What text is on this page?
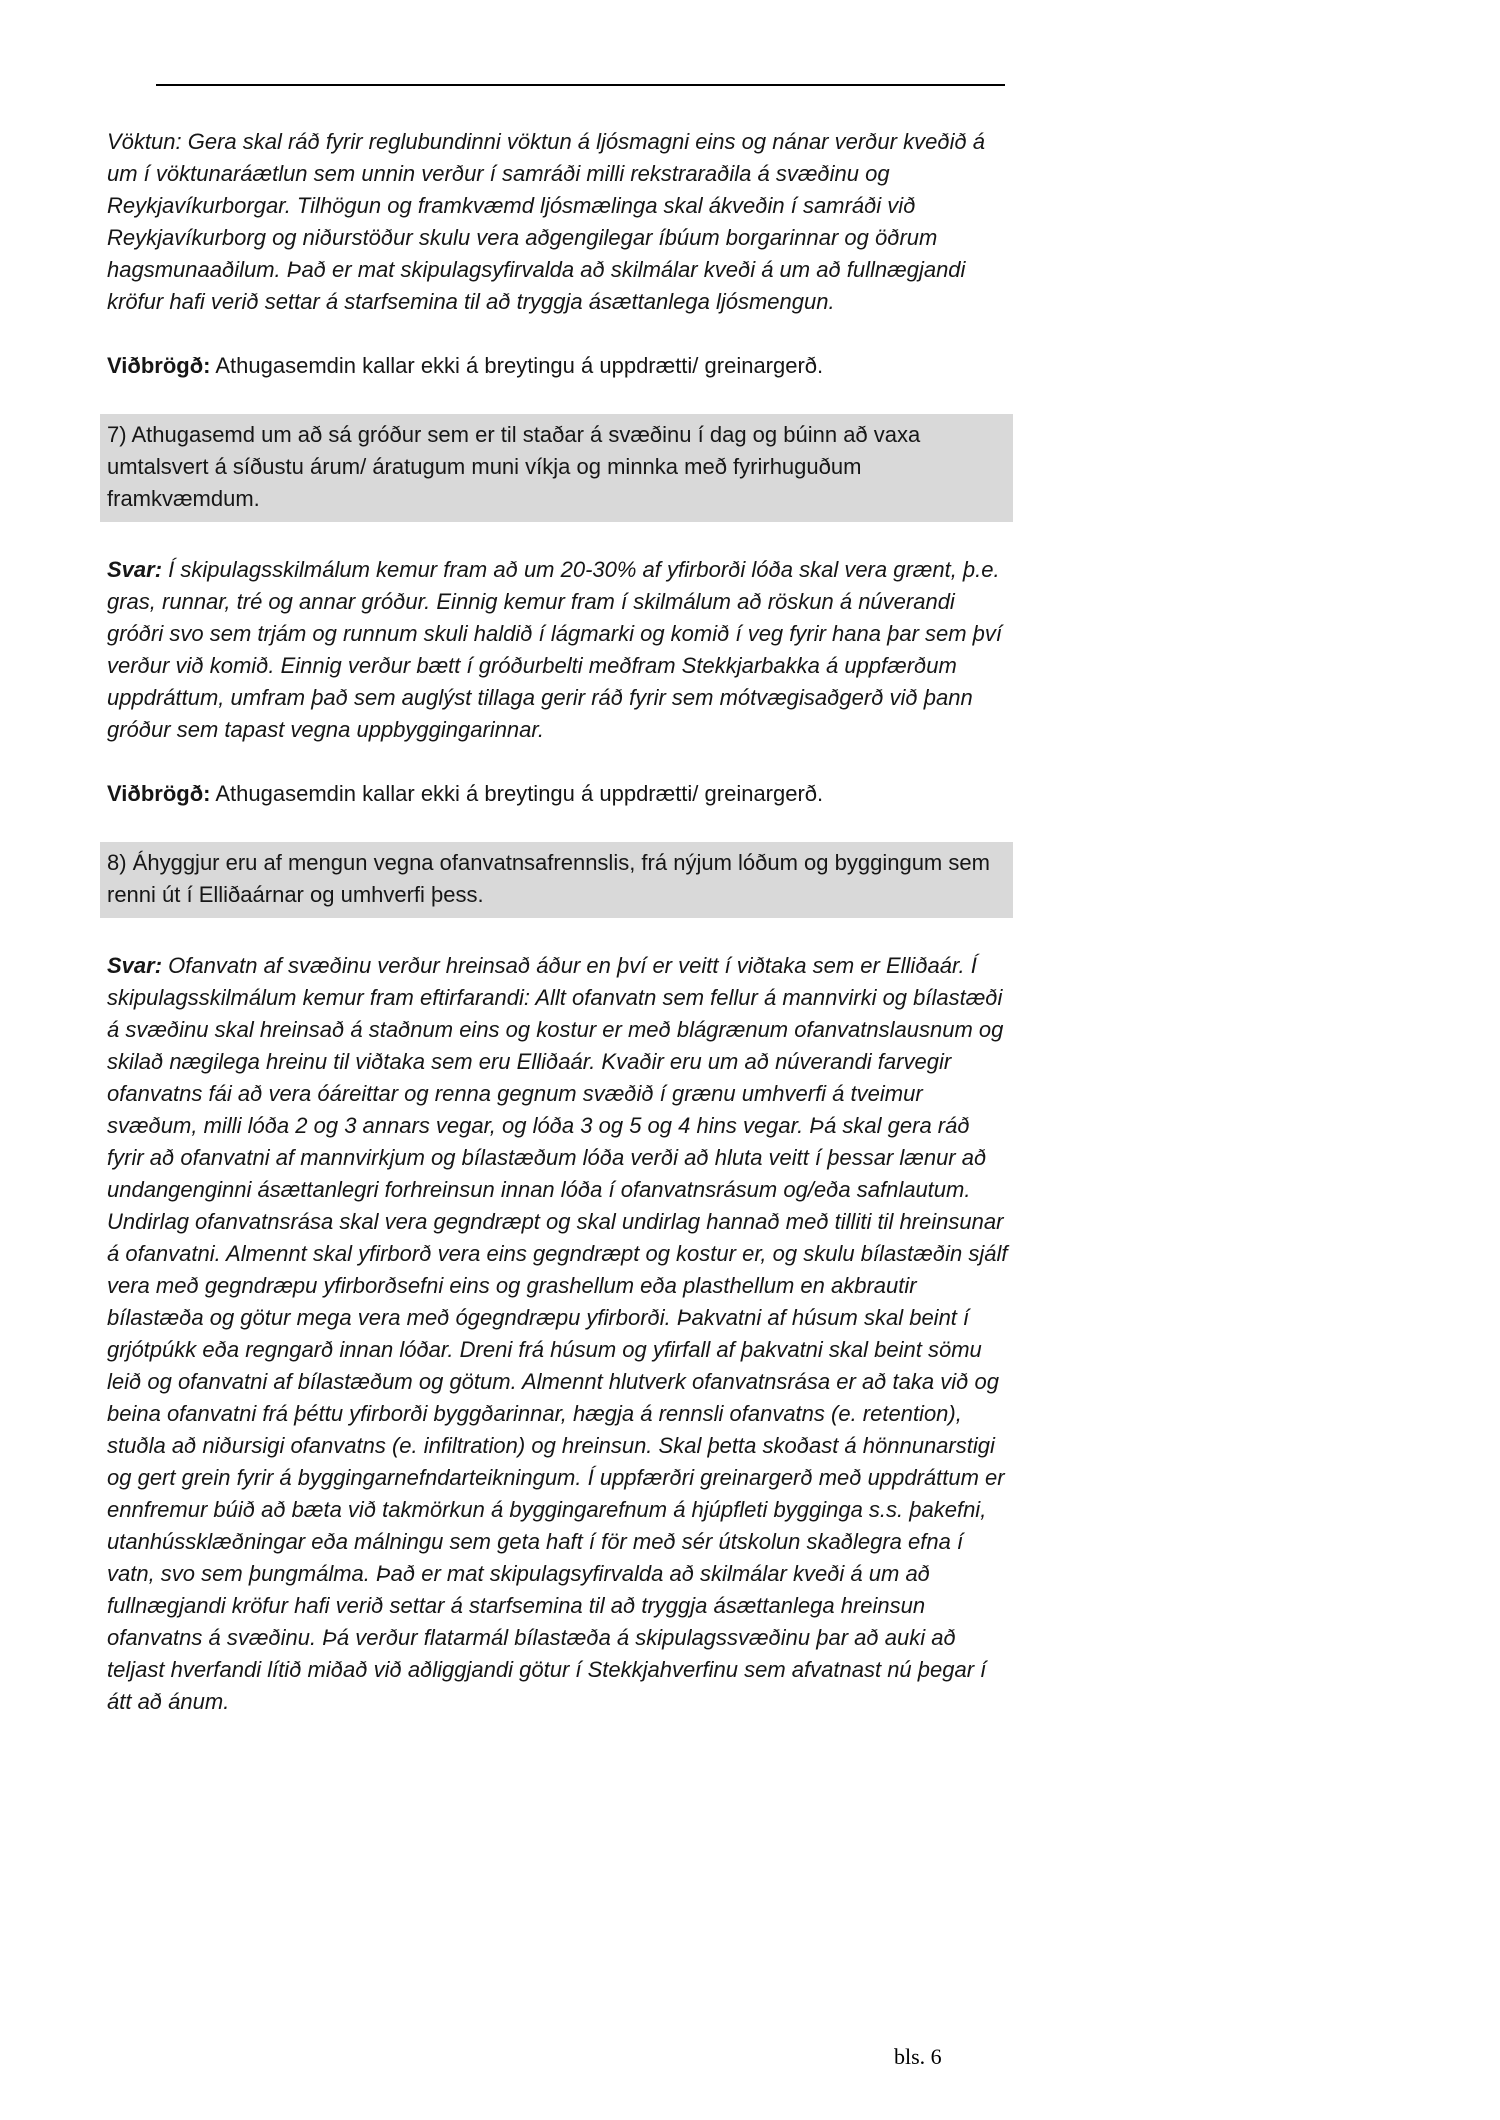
Vöktun: Gera skal ráð fyrir reglubundinni vöktun á ljósmagni eins og nánar verður kveðið á um í vöktunaráætlun sem unnin verður í samráði milli rekstraraðila á svæðinu og Reykjavíkurborgar. Tilhögun og framkvæmd ljósmælinga skal ákveðin í samráði við Reykjavíkurborg og niðurstöður skulu vera aðgengilegar íbúum borgarinnar og öðrum hagsmunaaðilum. Það er mat skipulagsyfirvalda að skilmálar kveði á um að fullnægjandi kröfur hafi verið settar á starfsemina til að tryggja ásættanlega ljósmengun.

Viðbrögð: Athugasemdin kallar ekki á breytingu á uppdrætti/ greinargerð.

7) Athugasemd um að sá gróður sem er til staðar á svæðinu í dag og búinn að vaxa umtalsvert á síðustu árum/ áratugum muni víkja og minnka með fyrirhuguðum framkvæmdum.

Svar: Í skipulagsskilmálum kemur fram að um 20-30% af yfirborði lóða skal vera grænt, þ.e. gras, runnar, tré og annar gróður. Einnig kemur fram í skilmálum að röskun á núverandi gróðri svo sem trjám og runnum skuli haldið í lágmarki og komið í veg fyrir hana þar sem því verður við komið. Einnig verður bætt í gróðurbelti meðfram Stekkjarbakka á uppfærðum uppdráttum, umfram það sem auglýst tillaga gerir ráð fyrir sem mótvægisaðgerð við þann gróður sem tapast vegna uppbyggingarinnar.

Viðbrögð: Athugasemdin kallar ekki á breytingu á uppdrætti/ greinargerð.

8) Áhyggjur eru af mengun vegna ofanvatnsafrennslis, frá nýjum lóðum og byggingum sem renni út í Elliðaárnar og umhverfi þess.

Svar: Ofanvatn af svæðinu verður hreinsað áður en því er veitt í viðtaka sem er Elliðaár. Í skipulagsskilmálum kemur fram eftirfarandi: Allt ofanvatn sem fellur á mannvirki og bílastæði á svæðinu skal hreinsað á staðnum eins og kostur er með blágrænum ofanvatnslausnum og skilað nægilega hreinu til viðtaka sem eru Elliðaár. Kvaðir eru um að núverandi farvegir ofanvatns fái að vera óáreittar og renna gegnum svæðið í grænu umhverfi á tveimur svæðum, milli lóða 2 og 3 annars vegar, og lóða 3 og 5 og 4 hins vegar. Þá skal gera ráð fyrir að ofanvatni af mannvirkjum og bílastæðum lóða verði að hluta veitt í þessar lænur að undangenginni ásættanlegri forhreinsun innan lóða í ofanvatnsrásum og/eða safnlautum. Undirlag ofanvatnsrása skal vera gegndræpt og skal undirlag hannað með tilliti til hreinsunar á ofanvatni. Almennt skal yfirborð vera eins gegndræpt og kostur er, og skulu bílastæðin sjálf vera með gegndræpu yfirborðsefni eins og grashellum eða plasthellum en akbrautir bílastæða og götur mega vera með ógegndræpu yfirborði. Þakvatni af húsum skal beint í grjótpúkk eða regngarð innan lóðar. Dreni frá húsum og yfirfall af þakvatni skal beint sömu leið og ofanvatni af bílastæðum og götum. Almennt hlutverk ofanvatnsrása er að taka við og beina ofanvatni frá þéttu yfirborði byggðarinnar, hægja á rennsli ofanvatns (e. retention), stuðla að niðursigi ofanvatns (e. infiltration) og hreinsun. Skal þetta skoðast á hönnunarstigi og gert grein fyrir á byggingarnefndarteikningum. Í uppfærðri greinargerð með uppdráttum er ennfremur búið að bæta við takmörkun á byggingarefnum á hjúpfleti bygginga s.s. þakefni, utanhússklæðningar eða málningu sem geta haft í för með sér útskolun skaðlegra efna í vatn, svo sem þungmálma. Það er mat skipulagsyfirvalda að skilmálar kveði á um að fullnægjandi kröfur hafi verið settar á starfsemina til að tryggja ásættanlega hreinsun ofanvatns á svæðinu. Þá verður flatarmál bílastæða á skipulagssvæðinu þar að auki að teljast hverfandi lítið miðað við aðliggjandi götur í Stekkjahverfinu sem afvatnast nú þegar í átt að ánum.

bls. 6
